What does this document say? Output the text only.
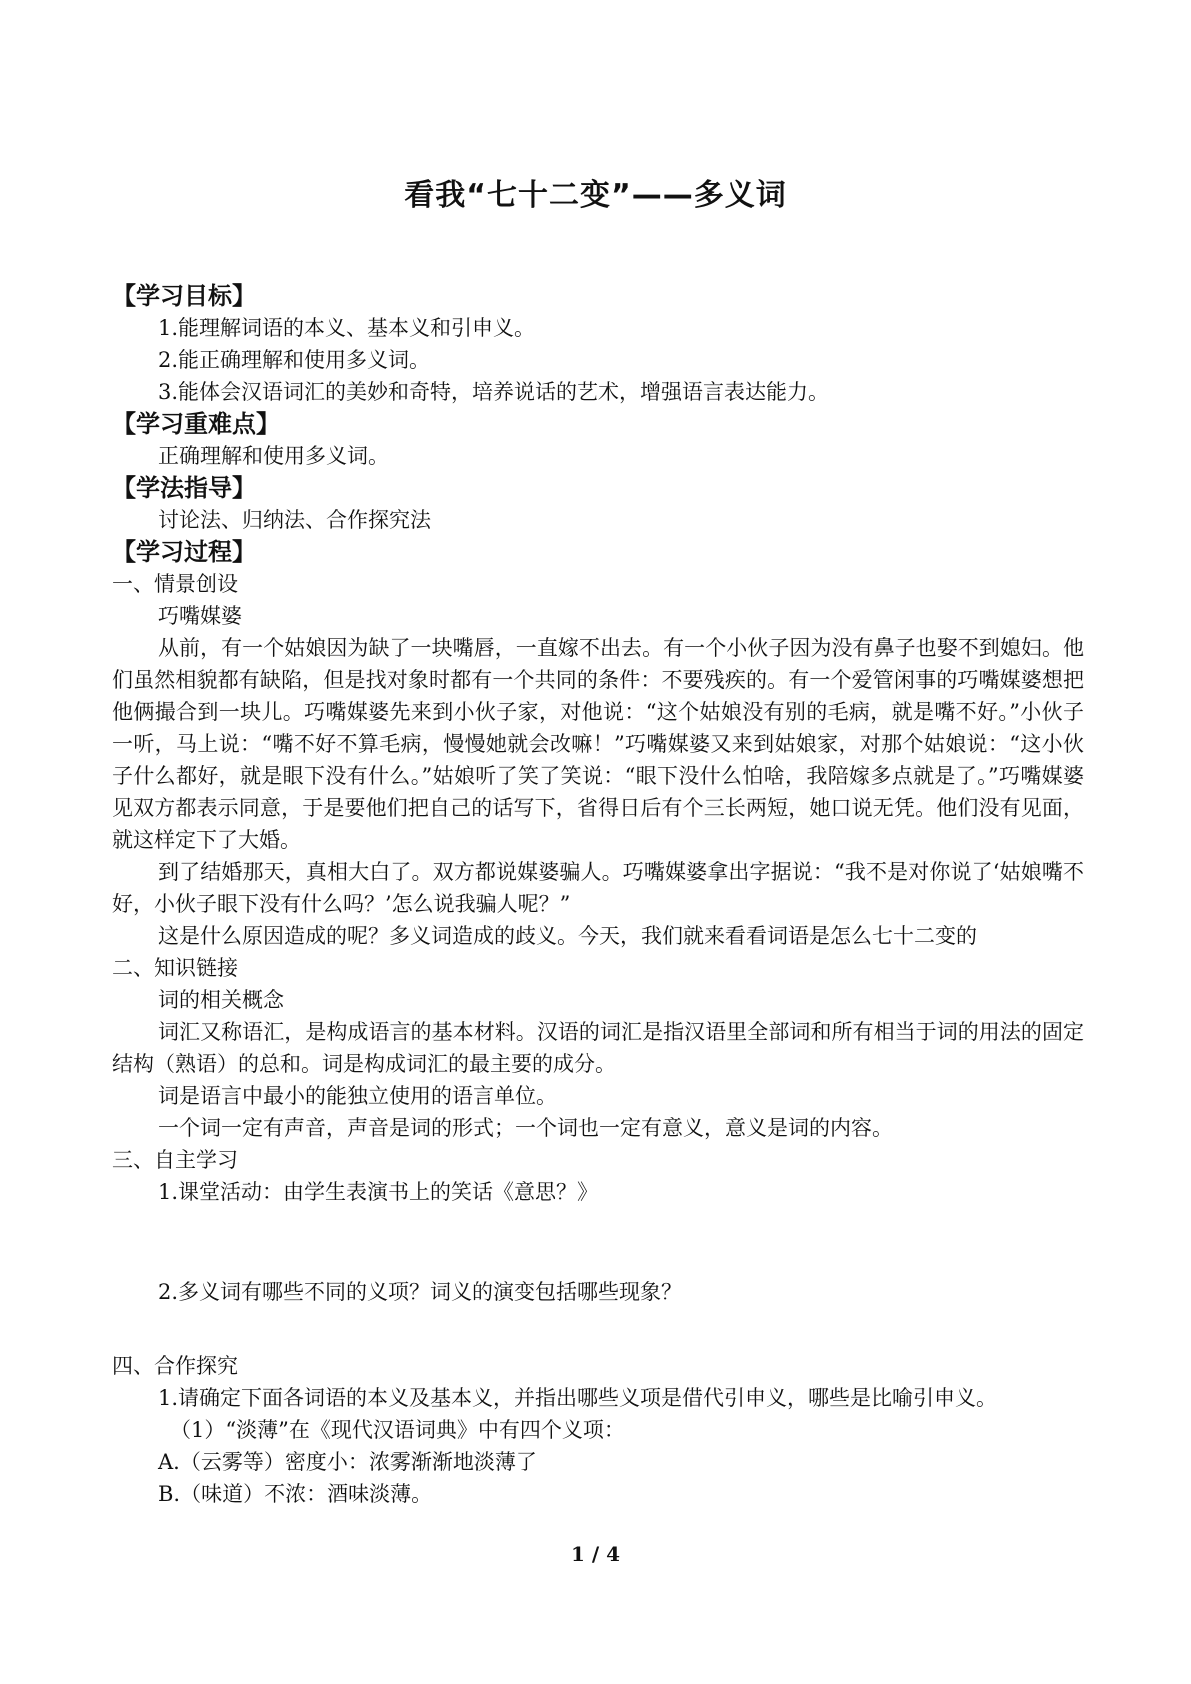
看我“七十二变”——多义词
【学习目标】
1.能理解词语的本义、基本义和引申义。
2.能正确理解和使用多义词。
3.能体会汉语词汇的美妙和奇特，培养说话的艺术，增强语言表达能力。
【学习重难点】
正确理解和使用多义词。
【学法指导】
讨论法、归纳法、合作探究法
【学习过程】
一、情景创设
巧嘴媒婆
从前，有一个姑娘因为缺了一块嘴唇，一直嫁不出去。有一个小伙子因为没有鼻子也娶不到媳妇。他们虽然相貌都有缺陷，但是找对象时都有一个共同的条件：不要残疾的。有一个爱管闲事的巧嘴媒婆想把他俩撮合到一块儿。巧嘴媒婆先来到小伙子家，对他说：“这个姑娘没有别的毛病，就是嘴不好。”小伙子一听，马上说：“嘴不好不算毛病，慢慢她就会改嘛！”巧嘴媒婆又来到姑娘家，对那个姑娘说：“这小伙子什么都好，就是眼下没有什么。”姑娘听了笑了笑说：“眼下没什么怕啥，我陪嫁多点就是了。”巧嘴媒婆见双方都表示同意，于是要他们把自己的话写下，省得日后有个三长两短，她口说无凭。他们没有见面，就这样定下了大婚。
到了结婚那天，真相大白了。双方都说媒婆骗人。巧嘴媒婆拿出字据说：“我不是对你说了‘姑娘嘴不好，小伙子眼下没有什么吗？’怎么说我骗人呢？”
这是什么原因造成的呢？多义词造成的歧义。今天，我们就来看看词语是怎么七十二变的
二、知识链接
词的相关概念
词汇又称语汇，是构成语言的基本材料。汉语的词汇是指汉语里全部词和所有相当于词的用法的固定结构（熟语）的总和。词是构成词汇的最主要的成分。
词是语言中最小的能独立使用的语言单位。
一个词一定有声音，声音是词的形式；一个词也一定有意义，意义是词的内容。
三、自主学习
1.课堂活动：由学生表演书上的笑话《意思？》
2.多义词有哪些不同的义项？词义的演变包括哪些现象？
四、合作探究
1.请确定下面各词语的本义及基本义，并指出哪些义项是借代引申义，哪些是比喻引申义。
（1）“淡薄”在《现代汉语词典》中有四个义项：
A.（云雾等）密度小：浓雾渐渐地淡薄了
B.（味道）不浓：酒味淡薄。
1 / 4
